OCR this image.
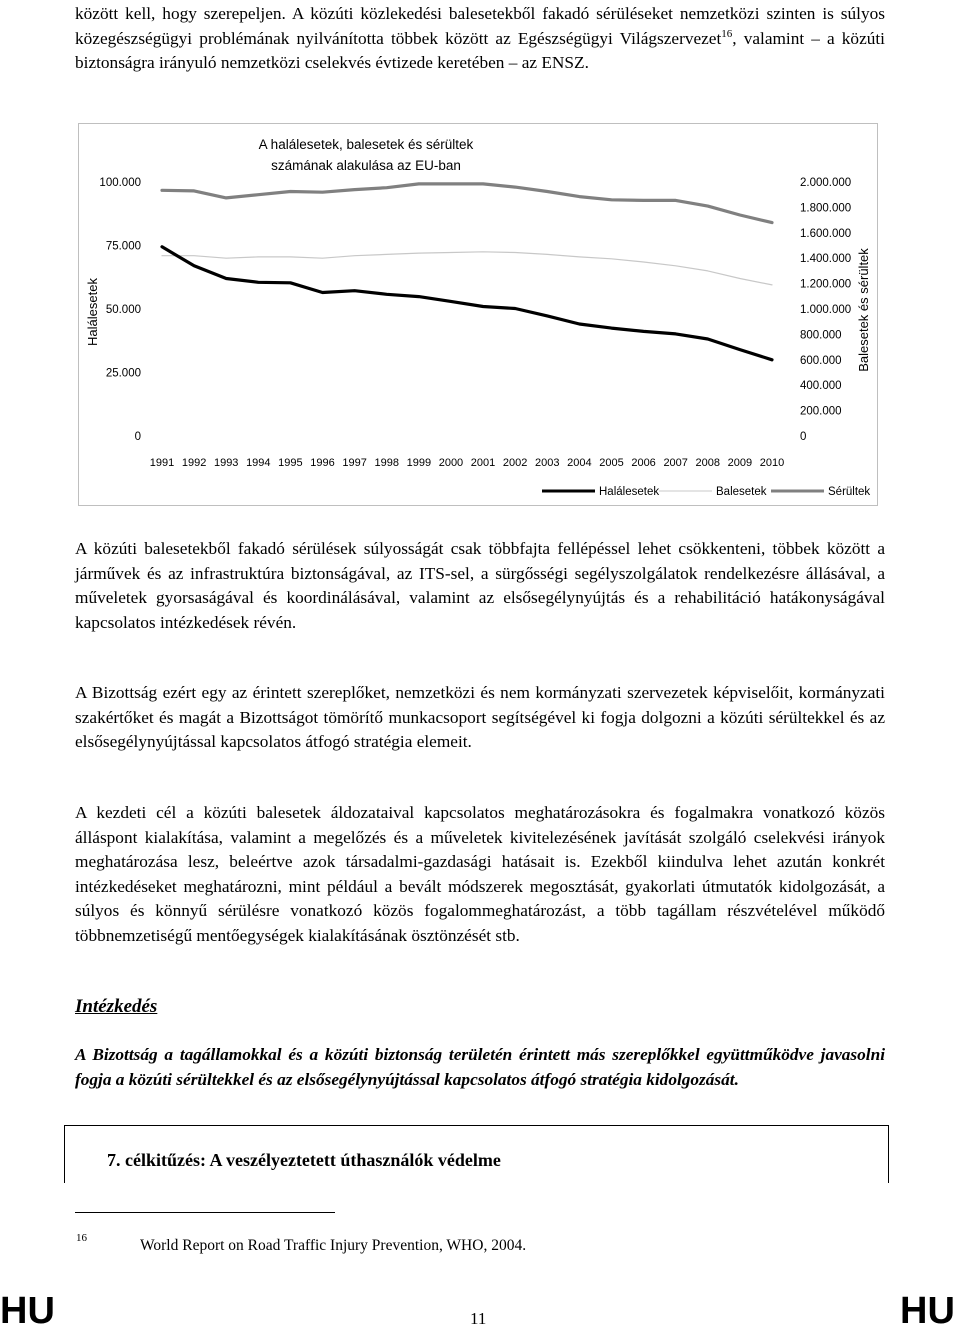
között kell, hogy szerepeljen. A közúti közlekedési balesetekből fakadó sérüléseket nemzetközi szinten is súlyos közegészségügyi problémának nyilvánította többek között az Egészségügyi Világszervezet$^{16}$, valamint – a közúti biztonságra irányuló nemzetközi cselekvés évtizede keretében – az ENSZ.

A halálesetek, balesetek és sérültek
számának alakulása az EU-ban
Halálesetek	Balesetek és sérültek
100.000
75.000
50.000
25.000
0
2.000.000
1.800.000
1.600.000
1.400.000
1.200.000
1.000.000
800.000
600.000
400.000
200.000
0
1991 1992 1993 1994 1995 1996 1997 1998 1999 2000 2001 2002 2003 2004 2005 2006 2007 2008 2009 2010
Halálesetek	Balesetek	Sérültek

A közúti balesetekből fakadó sérülések súlyosságát csak többfajta fellépéssel lehet csökkenteni, többek között a járművek és az infrastruktúra biztonságával, az ITS-sel, a sürgősségi segélyszolgálatok rendelkezésre állásával, a műveletek gyorsaságával és koordinálásával, valamint az elsősegélynyújtás és a rehabilitáció hatákonyságával kapcsolatos intézkedések révén.

A Bizottság ezért egy az érintett szereplőket, nemzetközi és nem kormányzati szervezetek képviselőit, kormányzati szakértőket és magát a Bizottságot tömörítő munkacsoport segítségével ki fogja dolgozni a közúti sérültekkel és az elsősegélynyújtással kapcsolatos átfogó stratégia elemeit.

A kezdeti cél a közúti balesetek áldozataival kapcsolatos meghatározásokra és fogalmakra vonatkozó közös álláspont kialakítása, valamint a megelőzés és a műveletek kivitelezésének javítását szolgáló cselekvési irányok meghatározása lesz, beleértve azok társadalmi-gazdasági hatásait is. Ezekből kiindulva lehet azután konkrét intézkedéseket meghatározni, mint például a bevált módszerek megosztását, gyakorlati útmutatók kidolgozását, a súlyos és könnyű sérülésre vonatkozó közös fogalommeghatározást, a több tagállam részvételével működő többnemzetiségű mentőegységek kialakításának ösztönzését stb.

Intézkedés

A Bizottság a tagállamokkal és a közúti biztonság területén érintett más szereplőkkel együttműködve javasolni fogja a közúti sérültekkel és az elsősegélynyújtással kapcsolatos átfogó stratégia kidolgozását.

7. célkitűzés: A veszélyeztetett úthasználók védelme
16	World Report on Road Traffic Injury Prevention, WHO, 2004.
HU	11	HU
